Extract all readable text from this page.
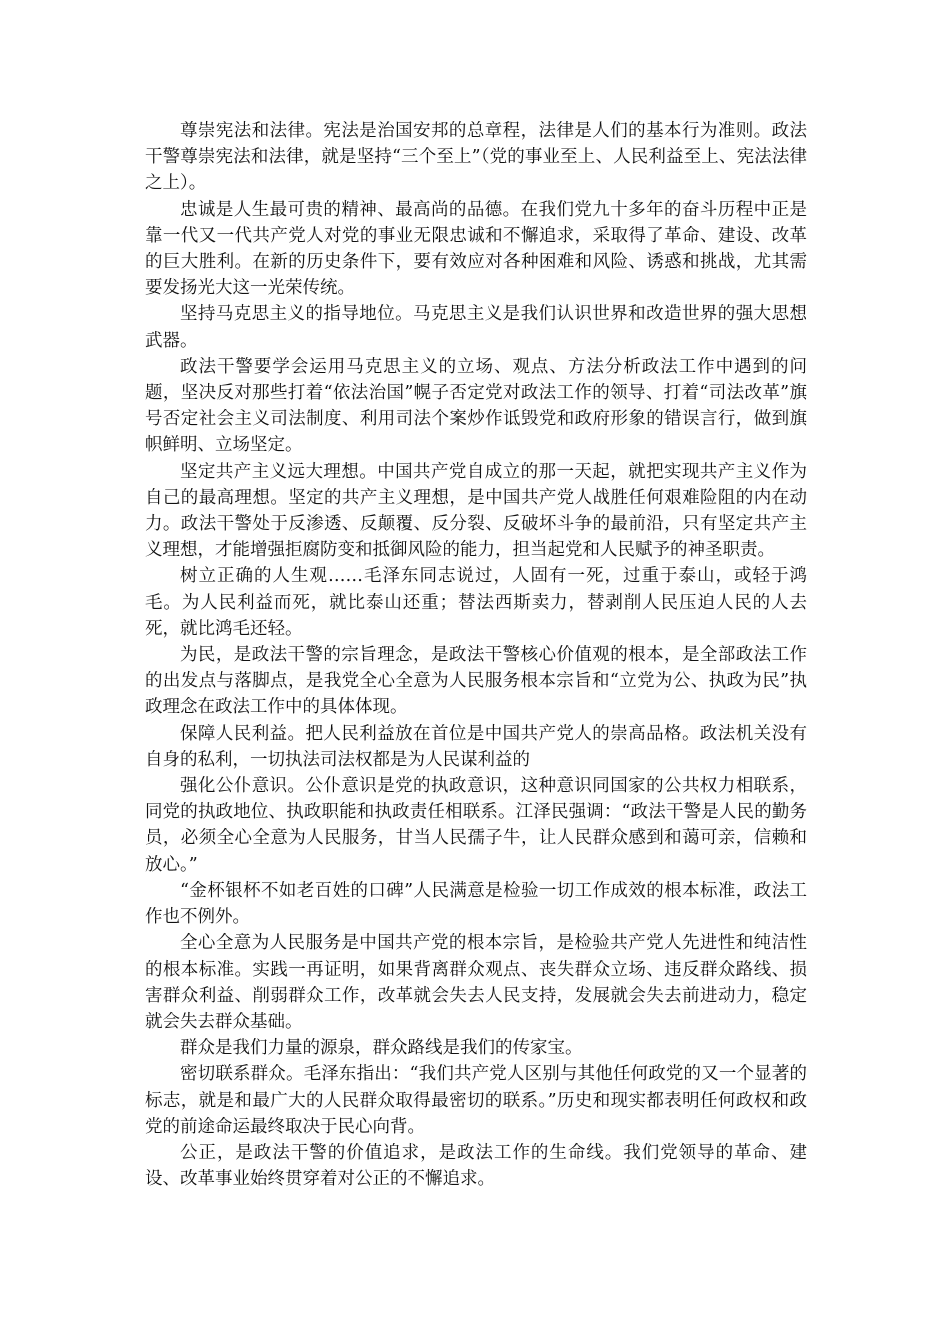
尊崇宪法和法律。宪法是治国安邦的总章程，法律是人们的基本行为准则。政法干警尊崇宪法和法律，就是坚持“三个至上”（党的事业至上、人民利益至上、宪法法律之上）。

忠诚是人生最可贵的精神、最高尚的品德。在我们党九十多年的奋斗历程中正是靠一代又一代共产党人对党的事业无限忠诚和不懈追求，采取得了革命、建设、改革的巨大胜利。在新的历史条件下，要有效应对各种困难和风险、诱惑和挑战，尤其需要发扬光大这一光荣传统。

坚持马克思主义的指导地位。马克思主义是我们认识世界和改造世界的强大思想武器。

政法干警要学会运用马克思主义的立场、观点、方法分析政法工作中遇到的问题，坚决反对那些打着“依法治国”幌子否定党对政法工作的领导、打着“司法改革”旗号否定社会主义司法制度、利用司法个案炒作诋毁党和政府形象的错误言行，做到旗帜鲜明、立场坚定。

坚定共产主义远大理想。中国共产党自成立的那一天起，就把实现共产主义作为自己的最高理想。坚定的共产主义理想，是中国共产党人战胜任何艰难险阻的内在动力。政法干警处于反渗透、反颠覆、反分裂、反破坏斗争的最前沿，只有坚定共产主义理想，才能增强拒腐防变和抵御风险的能力，担当起党和人民赋予的神圣职责。

树立正确的人生观……毛泽东同志说过，人固有一死，过重于泰山，或轻于鸿毛。为人民利益而死，就比泰山还重；替法西斯卖力，替剥削人民压迫人民的人去死，就比鸿毛还轻。

为民，是政法干警的宗旨理念，是政法干警核心价值观的根本，是全部政法工作的出发点与落脚点，是我党全心全意为人民服务根本宗旨和“立党为公、执政为民”执政理念在政法工作中的具体体现。

保障人民利益。把人民利益放在首位是中国共产党人的崇高品格。政法机关没有自身的私利，一切执法司法权都是为人民谋利益的

强化公仆意识。公仆意识是党的执政意识，这种意识同国家的公共权力相联系，同党的执政地位、执政职能和执政责任相联系。江泽民强调：“政法干警是人民的勤务员，必须全心全意为人民服务，甘当人民孺子牛，让人民群众感到和蔼可亲，信赖和放心。”

“金杯银杯不如老百姓的口碑”人民满意是检验一切工作成效的根本标准，政法工作也不例外。

全心全意为人民服务是中国共产党的根本宗旨，是检验共产党人先进性和纯洁性的根本标准。实践一再证明，如果背离群众观点、丧失群众立场、违反群众路线、损害群众利益、削弱群众工作，改革就会失去人民支持，发展就会失去前进动力，稳定就会失去群众基础。

群众是我们力量的源泉，群众路线是我们的传家宝。

密切联系群众。毛泽东指出：“我们共产党人区别与其他任何政党的又一个显著的标志，就是和最广大的人民群众取得最密切的联系。”历史和现实都表明任何政权和政党的前途命运最终取决于民心向背。

公正，是政法干警的价值追求，是政法工作的生命线。我们党领导的革命、建设、改革事业始终贯穿着对公正的不懈追求。
